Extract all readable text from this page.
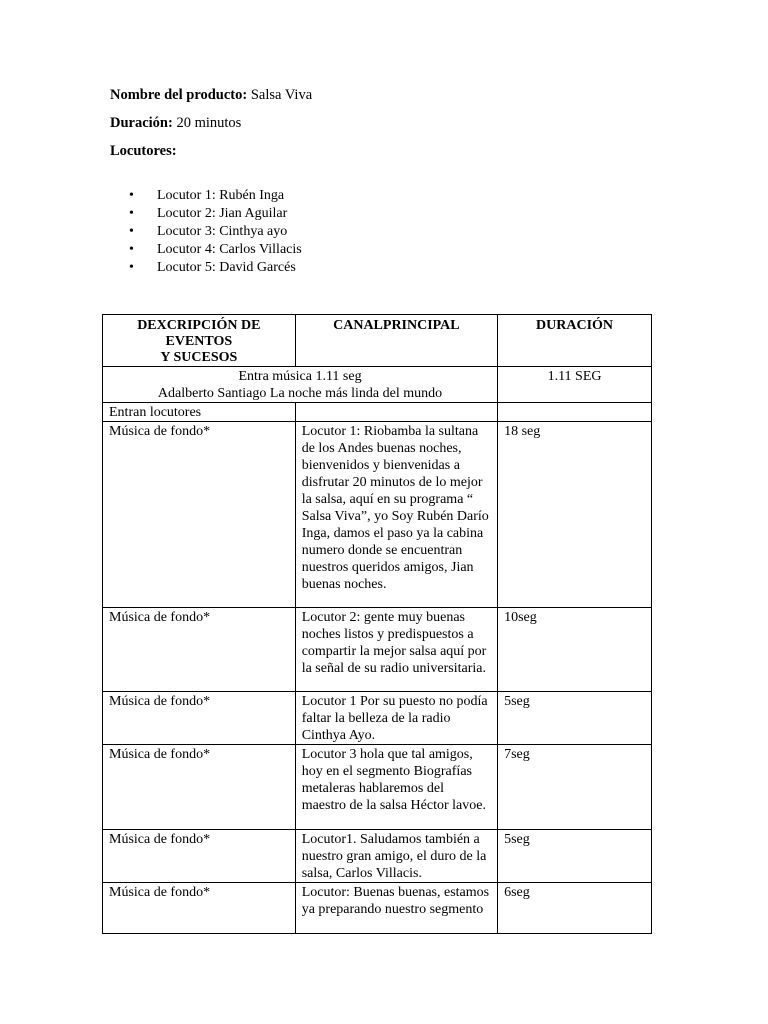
Nombre del producto: Salsa Viva
Duración: 20 minutos
Locutores:
• Locutor 1: Rubén Inga
• Locutor 2: Jian Aguilar
• Locutor 3: Cinthya ayo
• Locutor 4: Carlos Villacis
• Locutor 5: David Garcés
DEXCRIPCIÓN DE EVENTOS
Y SUCESOS	CANALPRINCIPAL	DURACIÓN
Entra música 1.11 seg
Adalberto Santiago La noche más linda del mundo		1.11 SEG
Entran locutores		
Música de fondo*	Locutor 1: Riobamba la sultana de los Andes buenas noches, bienvenidos y bienvenidas a disfrutar 20 minutos de lo mejor la salsa, aquí en su programa “ Salsa Viva”, yo Soy Rubén Darío Inga, damos el paso ya la cabina numero donde se encuentran nuestros queridos amigos, Jian buenas noches.	18 seg
Música de fondo*	Locutor 2: gente muy buenas noches listos y predispuestos a compartir la mejor salsa aquí por la señal de su radio universitaria.	10seg
Música de fondo*	Locutor 1 Por su puesto no podía faltar la belleza de la radio Cinthya Ayo.	5seg
Música de fondo*	Locutor 3 hola que tal amigos, hoy en el segmento Biografías metaleras hablaremos del maestro de la salsa Héctor lavoe.	7seg
Música de fondo*	Locutor1. Saludamos también a nuestro gran amigo, el duro de la salsa, Carlos Villacis.	5seg
Música de fondo*	Locutor: Buenas buenas, estamos ya preparando nuestro segmento	6seg
